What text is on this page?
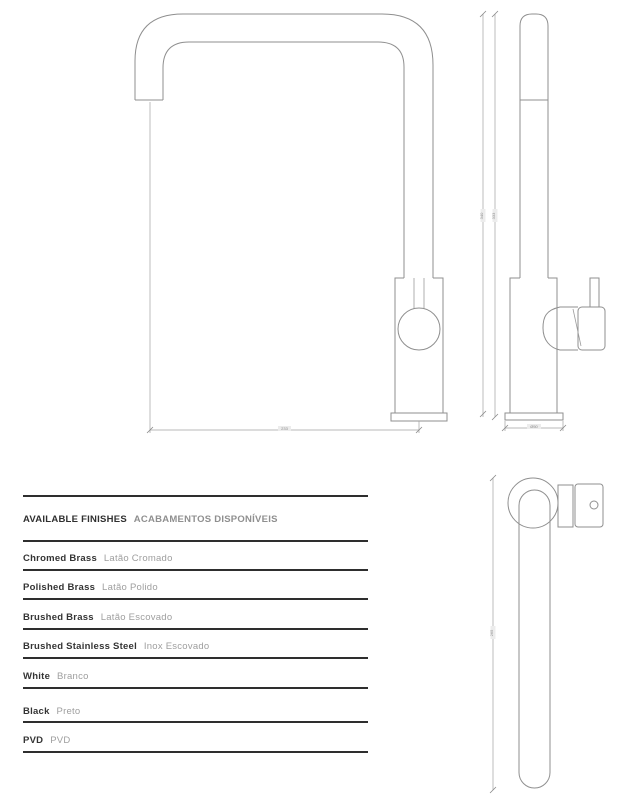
233
340 333
Ø50
265
AVAILABLE FINISHES ACABAMENTOS DISPONÍVEIS
Chromed Brass Latão Cromado
Polished Brass Latão Polido
Brushed Brass Latão Escovado
Brushed Stainless Steel Inox Escovado
White Branco
Black Preto
PVD PVD
